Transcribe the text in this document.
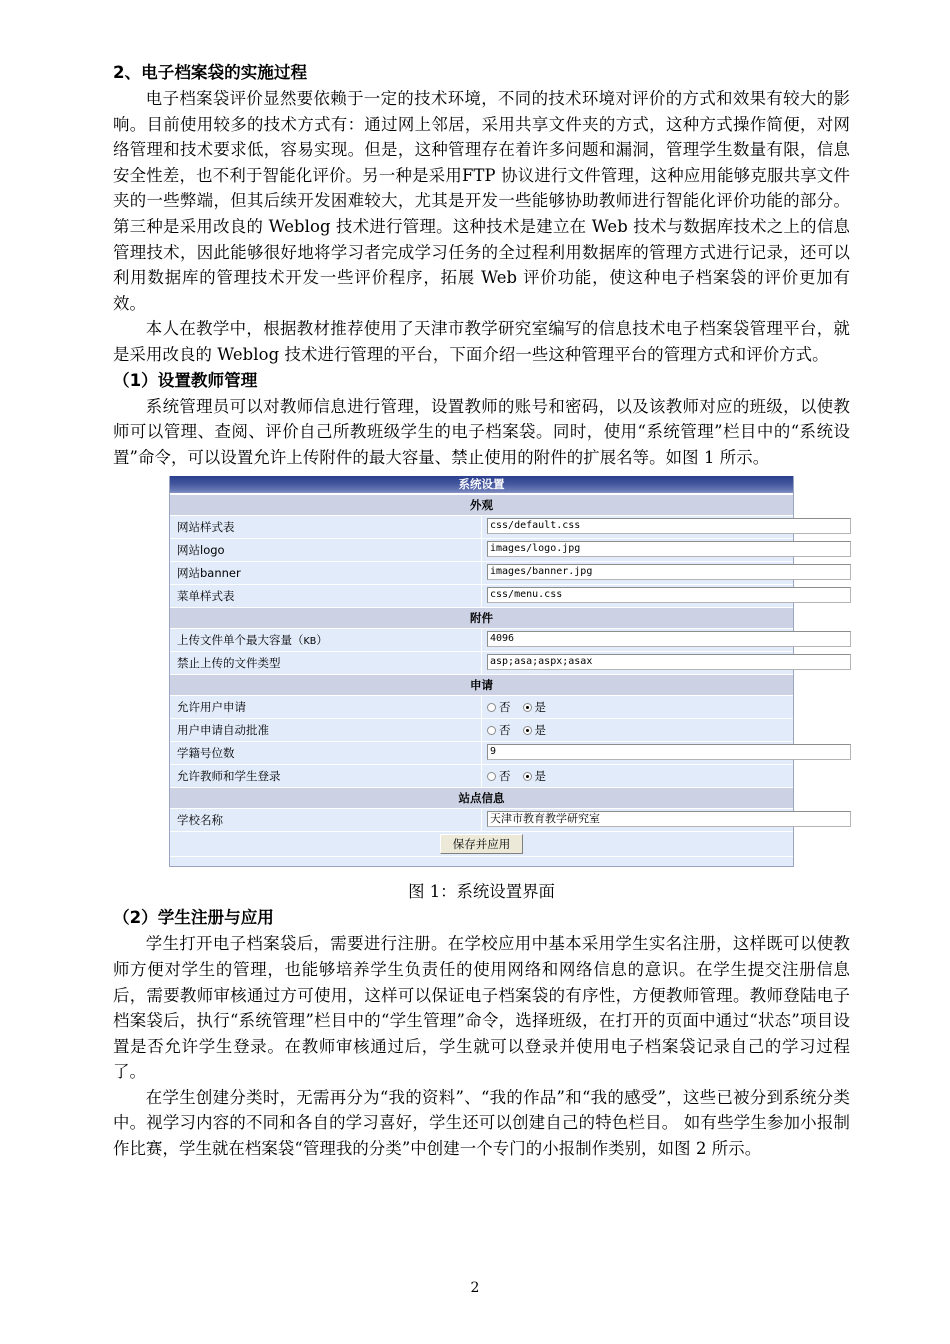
2、电子档案袋的实施过程

电子档案袋评价显然要依赖于一定的技术环境，不同的技术环境对评价的方式和效果有较大的影响。目前使用较多的技术方式有：通过网上邻居，采用共享文件夹的方式，这种方式操作简便，对网络管理和技术要求低，容易实现。但是，这种管理存在着许多问题和漏洞，管理学生数量有限，信息安全性差，也不利于智能化评价。另一种是采用FTP 协议进行文件管理，这种应用能够克服共享文件夹的一些弊端，但其后续开发困难较大，尤其是开发一些能够协助教师进行智能化评价功能的部分。第三种是采用改良的 Weblog 技术进行管理。这种技术是建立在 Web 技术与数据库技术之上的信息管理技术，因此能够很好地将学习者完成学习任务的全过程利用数据库的管理方式进行记录，还可以利用数据库的管理技术开发一些评价程序，拓展 Web 评价功能，使这种电子档案袋的评价更加有效。

本人在教学中，根据教材推荐使用了天津市教学研究室编写的信息技术电子档案袋管理平台，就是采用改良的 Weblog 技术进行管理的平台，下面介绍一些这种管理平台的管理方式和评价方式。

（1）设置教师管理

系统管理员可以对教师信息进行管理，设置教师的账号和密码，以及该教师对应的班级，以使教师可以管理、查阅、评价自己所教班级学生的电子档案袋。同时，使用“系统管理”栏目中的“系统设置”命令，可以设置允许上传附件的最大容量、禁止使用的附件的扩展名等。如图 1 所示。

系统设置
外观	
网站样式表	css/default.css
网站logo	images/logo.jpg
网站banner	images/banner.jpg
菜单样式表	css/menu.css
附件	
上传文件单个最大容量（KB）	4096
禁止上传的文件类型	asp;asa;aspx;asax
申请	
允许用户申请	否 是

用户申请自动批准	否 是

学籍号位数	9
允许教师和学生登录	否 是

站点信息	
学校名称	天津市教育教学研究室
保存并应用	

图 1：系统设置界面

（2）学生注册与应用

学生打开电子档案袋后，需要进行注册。在学校应用中基本采用学生实名注册，这样既可以使教师方便对学生的管理，也能够培养学生负责任的使用网络和网络信息的意识。在学生提交注册信息后，需要教师审核通过方可使用，这样可以保证电子档案袋的有序性，方便教师管理。教师登陆电子档案袋后，执行“系统管理”栏目中的“学生管理”命令，选择班级，在打开的页面中通过“状态”项目设置是否允许学生登录。在教师审核通过后，学生就可以登录并使用电子档案袋记录自己的学习过程了。

在学生创建分类时，无需再分为“我的资料”、“我的作品”和“我的感受”，这些已被分到系统分类中。视学习内容的不同和各自的学习喜好，学生还可以创建自己的特色栏目。 如有些学生参加小报制作比赛，学生就在档案袋“管理我的分类”中创建一个专门的小报制作类别，如图 2 所示。

2
